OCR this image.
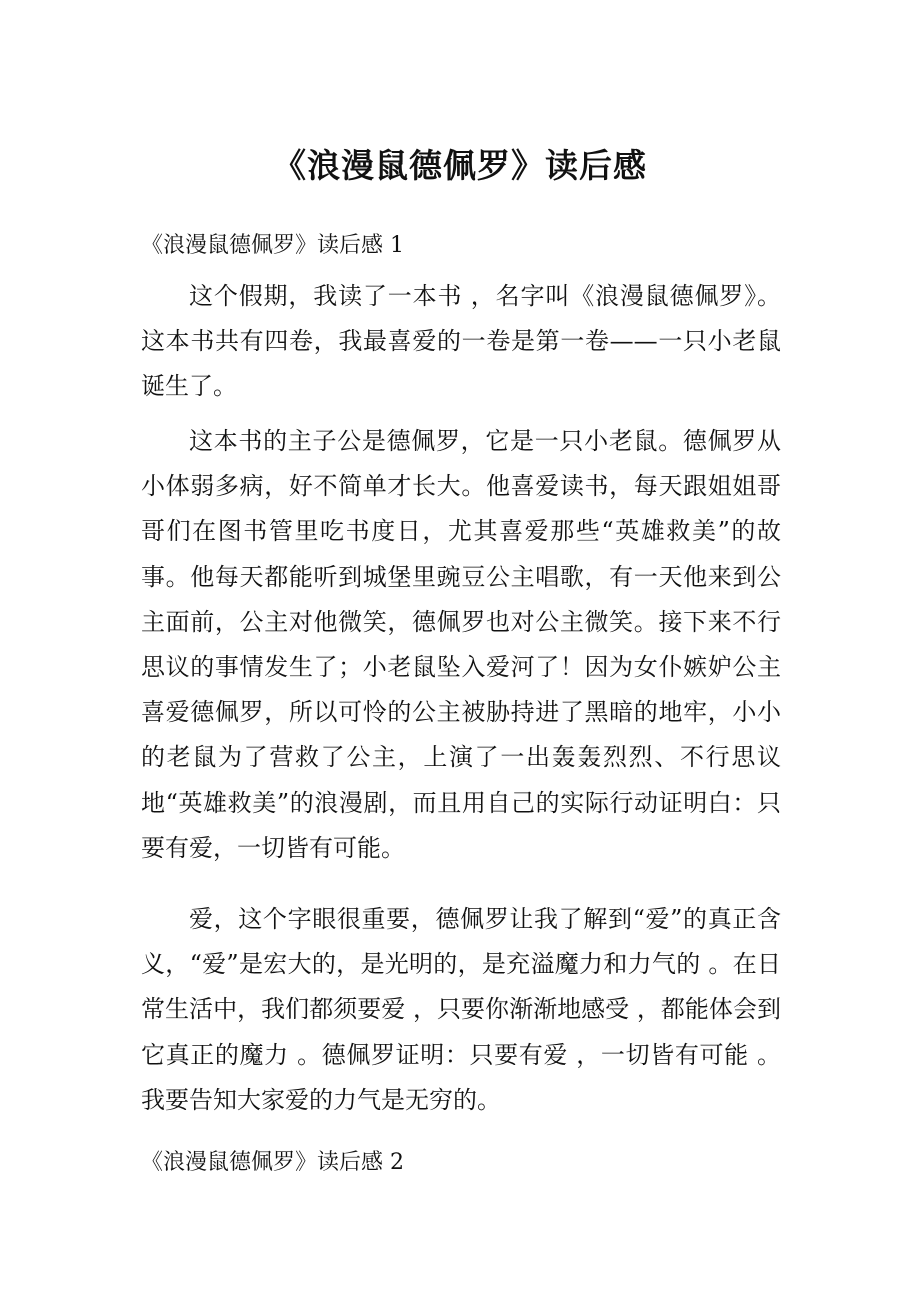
《浪漫鼠德佩罗》读后感
《浪漫鼠德佩罗》读后感 1

这个假期，我读了一本书 ，名字叫《浪漫鼠德佩罗》。这本书共有四卷，我最喜爱的一卷是第一卷——一只小老鼠诞生了。

这本书的主子公是德佩罗，它是一只小老鼠。德佩罗从小体弱多病，好不简单才长大。他喜爱读书，每天跟姐姐哥哥们在图书管里吃书度日，尤其喜爱那些“英雄救美”的故事。他每天都能听到城堡里豌豆公主唱歌，有一天他来到公主面前，公主对他微笑，德佩罗也对公主微笑。接下来不行思议的事情发生了；小老鼠坠入爱河了！因为女仆嫉妒公主喜爱德佩罗，所以可怜的公主被胁持进了黑暗的地牢，小小的老鼠为了营救了公主，上演了一出轰轰烈烈、不行思议地“英雄救美”的浪漫剧，而且用自己的实际行动证明白：只要有爱，一切皆有可能。

爱，这个字眼很重要，德佩罗让我了解到“爱”的真正含义，“爱”是宏大的，是光明的，是充溢魔力和力气的 。在日常生活中，我们都须要爱 ，只要你渐渐地感受 ，都能体会到它真正的魔力 。德佩罗证明：只要有爱 ，一切皆有可能 。我要告知大家爱的力气是无穷的。

《浪漫鼠德佩罗》读后感 2
